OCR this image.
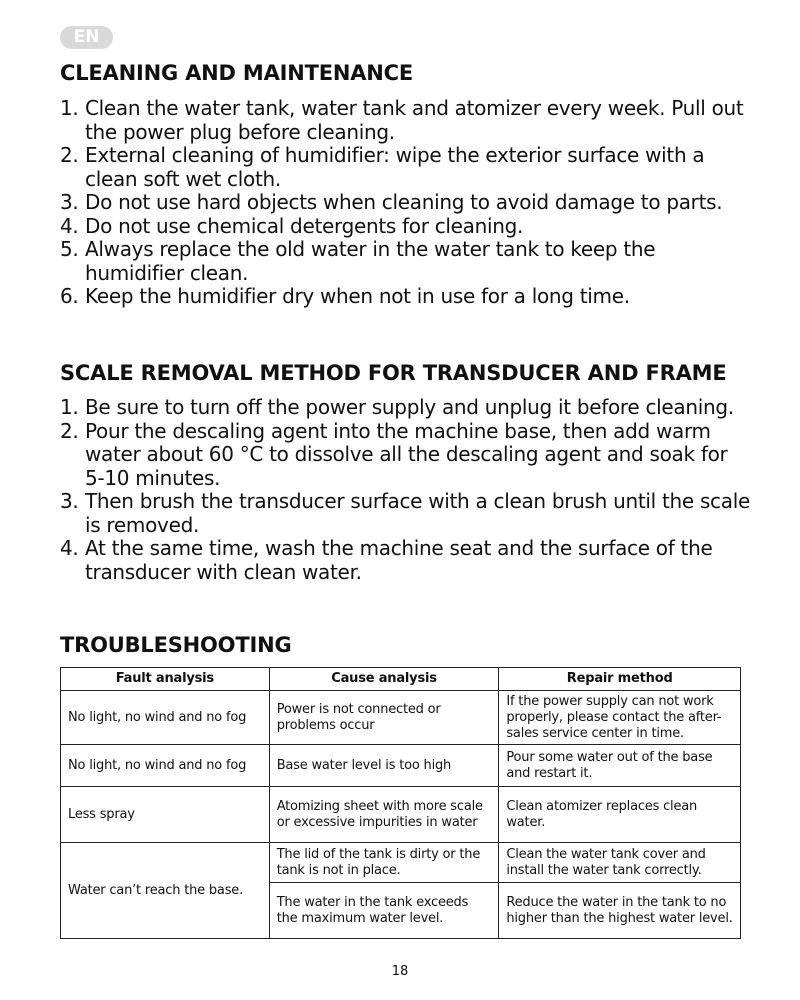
EN
CLEANING AND MAINTENANCE
1. Clean the water tank, water tank and atomizer every week. Pull out the power plug before cleaning.
2. External cleaning of humidifier: wipe the exterior surface with a clean soft wet cloth.
3. Do not use hard objects when cleaning to avoid damage to parts.
4. Do not use chemical detergents for cleaning.
5. Always replace the old water in the water tank to keep the humidifier clean.
6. Keep the humidifier dry when not in use for a long time.
SCALE REMOVAL METHOD FOR TRANSDUCER AND FRAME
1. Be sure to turn off the power supply and unplug it before cleaning.
2. Pour the descaling agent into the machine base, then add warm water about 60 °C to dissolve all the descaling agent and soak for 5-10 minutes.
3. Then brush the transducer surface with a clean brush until the scale is removed.
4. At the same time, wash the machine seat and the surface of the transducer with clean water.
TROUBLESHOOTING
Fault analysis	Cause analysis	Repair method
No light, no wind and no fog	Power is not connected or problems occur	If the power supply can not work properly, please contact the after-sales service center in time.
No light, no wind and no fog	Base water level is too high	Pour some water out of the base and restart it.
Less spray	Atomizing sheet with more scale or excessive impurities in water	Clean atomizer replaces clean water.
Water can’t reach the base.	The lid of the tank is dirty or the tank is not in place.	Clean the water tank cover and install the water tank correctly.
	The water in the tank exceeds the maximum water level.	Reduce the water in the tank to no higher than the highest water level.
18
